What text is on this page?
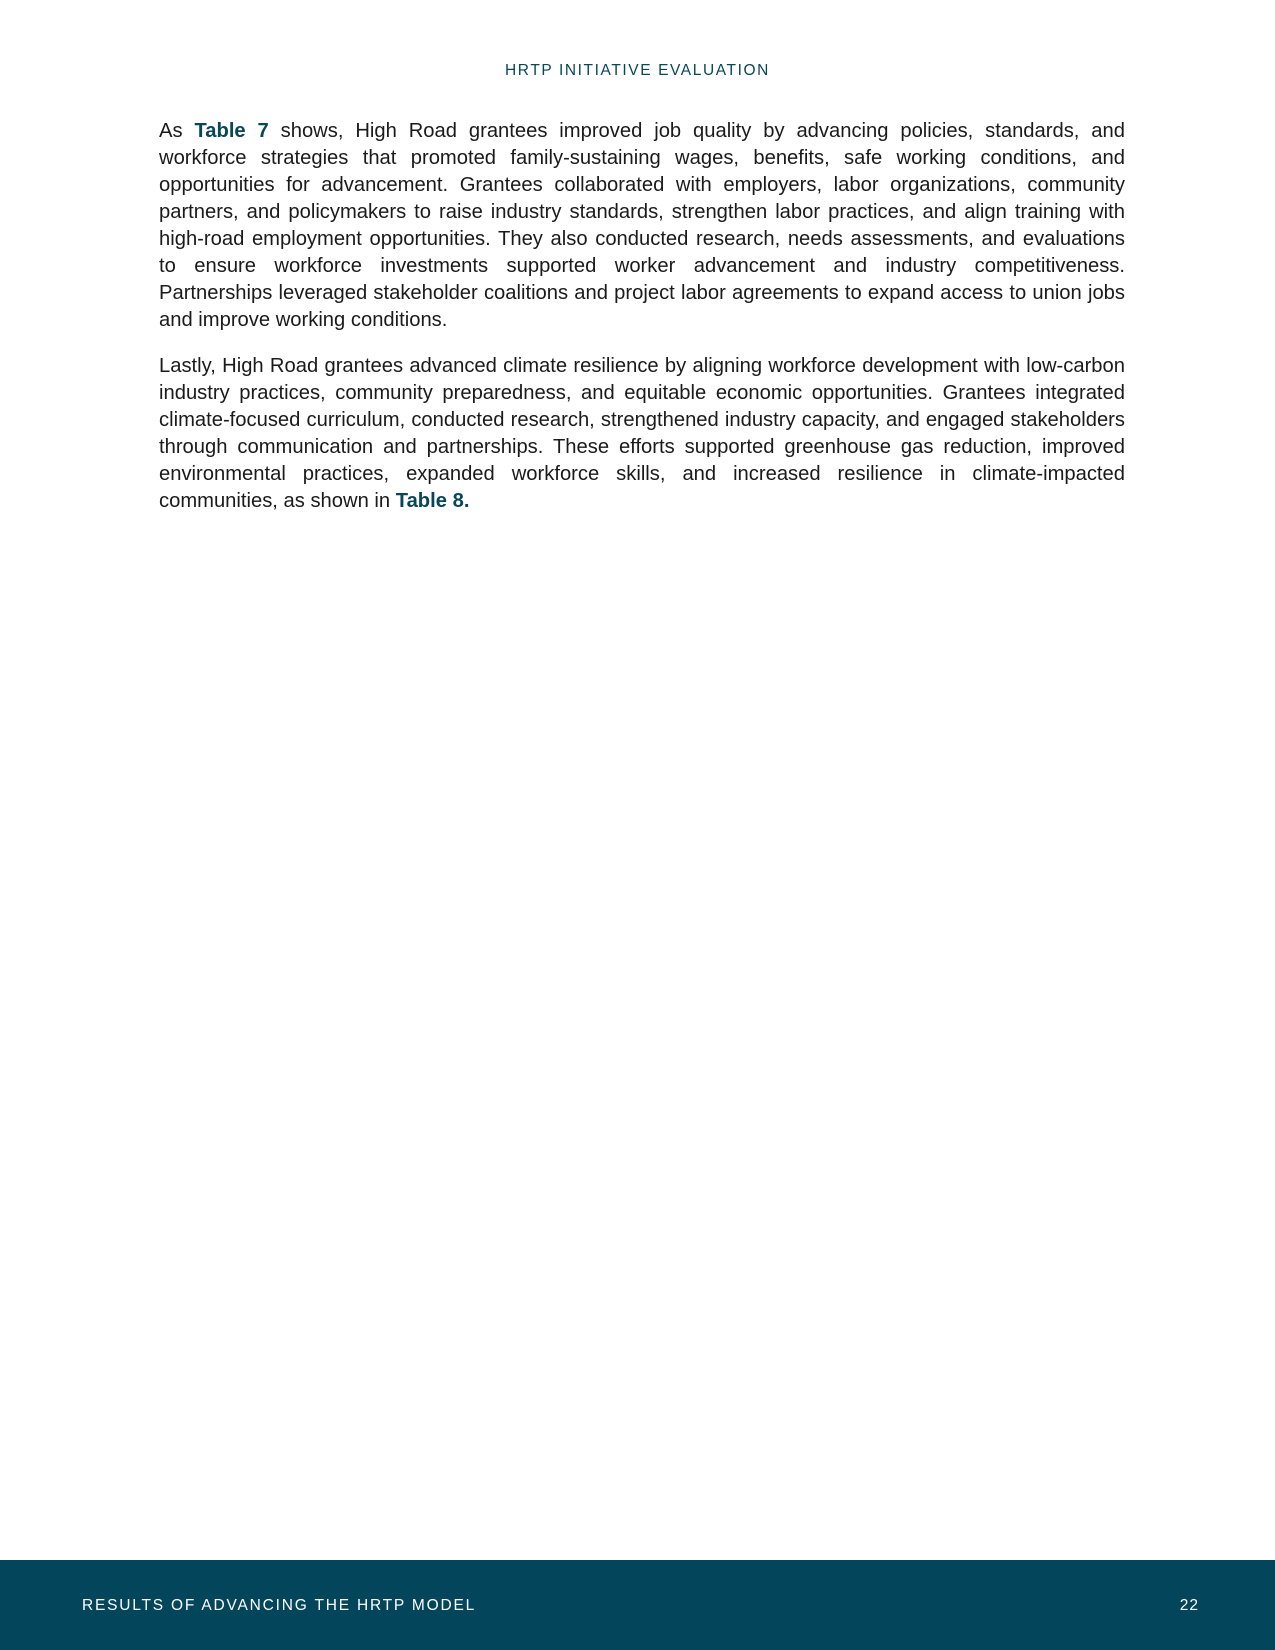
HRTP INITIATIVE EVALUATION

As Table 7 shows, High Road grantees improved job quality by advancing policies, standards, and workforce strategies that promoted family-sustaining wages, benefits, safe working conditions, and opportunities for advancement. Grantees collaborated with employers, labor organizations, community partners, and policymakers to raise industry standards, strengthen labor practices, and align training with high-road employment opportunities. They also conducted research, needs assessments, and evaluations to ensure workforce investments supported worker advancement and industry competitiveness. Partnerships leveraged stakeholder coalitions and project labor agreements to expand access to union jobs and improve working conditions.

Lastly, High Road grantees advanced climate resilience by aligning workforce development with low-carbon industry practices, community preparedness, and equitable economic opportunities. Grantees integrated climate-focused curriculum, conducted research, strengthened industry capacity, and engaged stakeholders through communication and partnerships. These efforts supported greenhouse gas reduction, improved environmental practices, expanded workforce skills, and increased resilience in climate-impacted communities, as shown in Table 8.

RESULTS OF ADVANCING THE HRTP MODEL	22
